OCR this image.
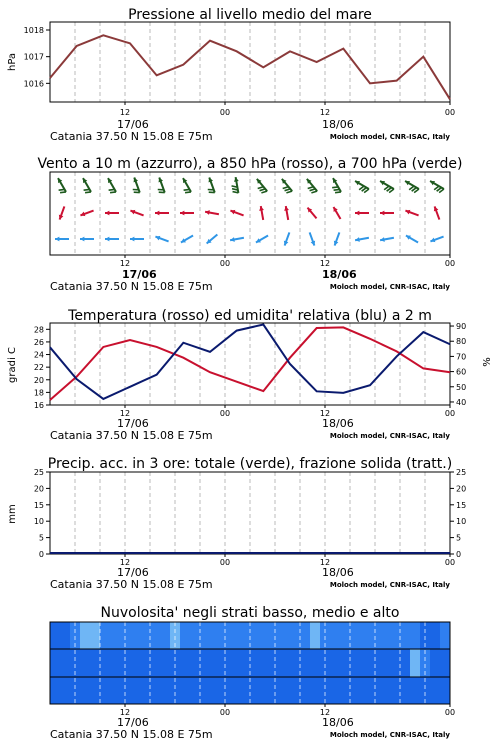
Pressione al livello medio del mare
hPa
1016
1017
1018
12	00	12	00
17/06	18/06
Catania 37.50 N 15.08 E 75m	Moloch model, CNR-ISAC, Italy
Vento a 10 m (azzurro), a 850 hPa (rosso), a 700 hPa (verde)
12	00	12	00
17/06	18/06
Catania 37.50 N 15.08 E 75m	Moloch model, CNR-ISAC, Italy
Temperatura (rosso) ed umidita' relativa (blu) a 2 m
gradi C	%
16
18
20
22
24
26
28
40
50
60
70
80
90
12	00	12	00
17/06	18/06
Catania 37.50 N 15.08 E 75m	Moloch model, CNR-ISAC, Italy
Precip. acc. in 3 ore: totale (verde), frazione solida (tratt.)
mm
0
5
10
15
20
25
0
5
10
15
20
25
12	00	12	00
17/06	18/06
Catania 37.50 N 15.08 E 75m	Moloch model, CNR-ISAC, Italy
Nuvolosita' negli strati basso, medio e alto
12	00	12	00
17/06	18/06
Catania 37.50 N 15.08 E 75m	Moloch model, CNR-ISAC, Italy
